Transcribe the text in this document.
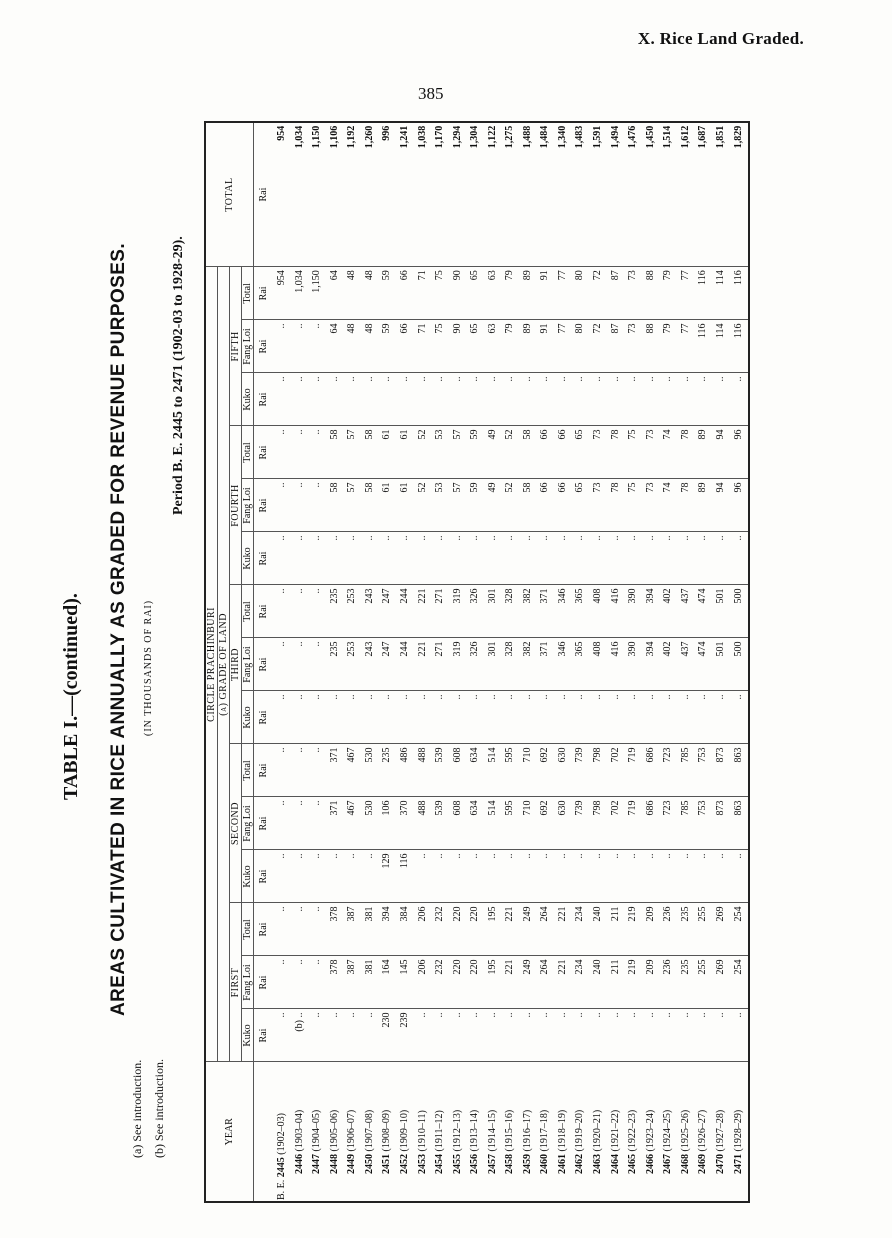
X. Rice Land Graded.
385
TABLE I.—(continued). AREAS CULTIVATED IN RICE ANNUALLY AS GRADED FOR REVENUE PURPOSES. (IN THOUSANDS OF RAI)
Period B. E. 2445 to 2471 (1902-03 to 1928-29).
(a) See introduction. (b) See introduction.	YEAR	CIRCLE PRACHINBURI															TOTAL
	(a) GRADE OF LAND															
	FIRST			SECOND			THIRD			FOURTH			FIFTH			
	Kuko	Fang Loi	Total	Kuko	Fang Loi	Total	Kuko	Fang Loi	Total	Kuko	Fang Loi	Total	Kuko	Fang Loi	Total	
	Rai	Rai	Rai	Rai	Rai	Rai	Rai	Rai	Rai	Rai	Rai	Rai	Rai	Rai	Rai	Rai
B. E. 2445 (1902–03)	..	..	..	..	..	..	..	..	..	..	..	..	..	..	954	954
2446 (1903–04)	(b) ..	..	..	..	..	..	..	..	..	..	..	..	..	..	1,034	1,034
2447 (1904–05)	..	..	..	..	..	..	..	..	..	..	..	..	..	..	1,150	1,150
2448 (1905–06)	..	378	378	..	371	371	..	235	235	..	58	58	..	64	64	1,106
2449 (1906–07)	..	387	387	..	467	467	..	253	253	..	57	57	..	48	48	1,192
2450 (1907–08)	..	381	381	..	530	530	..	243	243	..	58	58	..	48	48	1,260
2451 (1908–09)	230	164	394	129	106	235	..	247	247	..	61	61	..	59	59	996
2452 (1909–10)	239	145	384	116	370	486	..	244	244	..	61	61	..	66	66	1,241
2453 (1910–11)	..	206	206	..	488	488	..	221	221	..	52	52	..	71	71	1,038
2454 (1911–12)	..	232	232	..	539	539	..	271	271	..	53	53	..	75	75	1,170
2455 (1912–13)	..	220	220	..	608	608	..	319	319	..	57	57	..	90	90	1,294
2456 (1913–14)	..	220	220	..	634	634	..	326	326	..	59	59	..	65	65	1,304
2457 (1914–15)	..	195	195	..	514	514	..	301	301	..	49	49	..	63	63	1,122
2458 (1915–16)	..	221	221	..	595	595	..	328	328	..	52	52	..	79	79	1,275
2459 (1916–17)	..	249	249	..	710	710	..	382	382	..	58	58	..	89	89	1,488
2460 (1917–18)	..	264	264	..	692	692	..	371	371	..	66	66	..	91	91	1,484
2461 (1918–19)	..	221	221	..	630	630	..	346	346	..	66	66	..	77	77	1,340
2462 (1919–20)	..	234	234	..	739	739	..	365	365	..	65	65	..	80	80	1,483
2463 (1920–21)	..	240	240	..	798	798	..	408	408	..	73	73	..	72	72	1,591
2464 (1921–22)	..	211	211	..	702	702	..	416	416	..	78	78	..	87	87	1,494
2465 (1922–23)	..	219	219	..	719	719	..	390	390	..	75	75	..	73	73	1,476
2466 (1923–24)	..	209	209	..	686	686	..	394	394	..	73	73	..	88	88	1,450
2467 (1924–25)	..	236	236	..	723	723	..	402	402	..	74	74	..	79	79	1,514
2468 (1925–26)	..	235	235	..	785	785	..	437	437	..	78	78	..	77	77	1,612
2469 (1926–27)	..	255	255	..	753	753	..	474	474	..	89	89	..	116	116	1,687
2470 (1927–28)	..	269	269	..	873	873	..	501	501	..	94	94	..	114	114	1,851
2471 (1928–29)	..	254	254	..	863	863	..	500	500	..	96	96	..	116	116	1,829
